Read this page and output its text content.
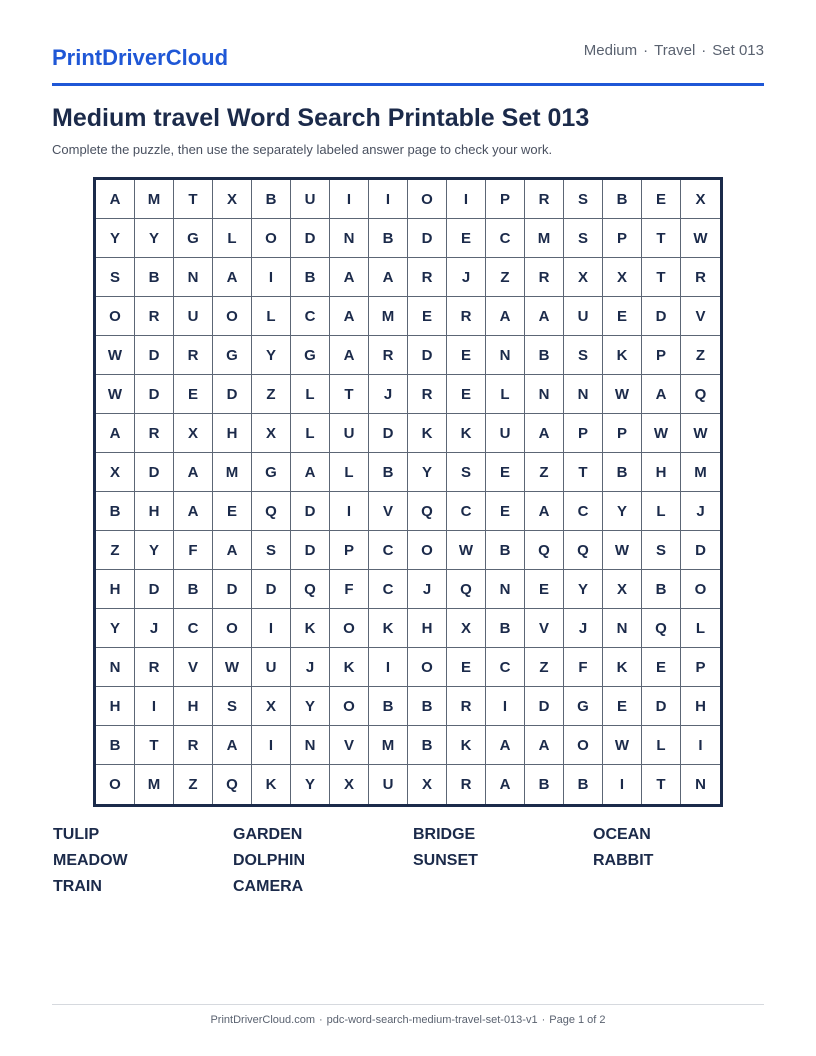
PrintDriverCloud	Medium · Travel · Set 013
Medium travel Word Search Printable Set 013

Complete the puzzle, then use the separately labeled answer page to check your work.

A	M	T	X	B	U	I	I	O	I	P	R	S	B	E	X
Y	Y	G	L	O	D	N	B	D	E	C	M	S	P	T	W
S	B	N	A	I	B	A	A	R	J	Z	R	X	X	T	R
O	R	U	O	L	C	A	M	E	R	A	A	U	E	D	V
W	D	R	G	Y	G	A	R	D	E	N	B	S	K	P	Z
W	D	E	D	Z	L	T	J	R	E	L	N	N	W	A	Q
A	R	X	H	X	L	U	D	K	K	U	A	P	P	W	W
X	D	A	M	G	A	L	B	Y	S	E	Z	T	B	H	M
B	H	A	E	Q	D	I	V	Q	C	E	A	C	Y	L	J
Z	Y	F	A	S	D	P	C	O	W	B	Q	Q	W	S	D
H	D	B	D	D	Q	F	C	J	Q	N	E	Y	X	B	O
Y	J	C	O	I	K	O	K	H	X	B	V	J	N	Q	L
N	R	V	W	U	J	K	I	O	E	C	Z	F	K	E	P
H	I	H	S	X	Y	O	B	B	R	I	D	G	E	D	H
B	T	R	A	I	N	V	M	B	K	A	A	O	W	L	I
O	M	Z	Q	K	Y	X	U	X	R	A	B	B	I	T	N
TULIP	GARDEN	BRIDGE	OCEAN
MEADOW	DOLPHIN	SUNSET	RABBIT
TRAIN	CAMERA
PrintDriverCloud.com · pdc-word-search-medium-travel-set-013-v1 · Page 1 of 2
